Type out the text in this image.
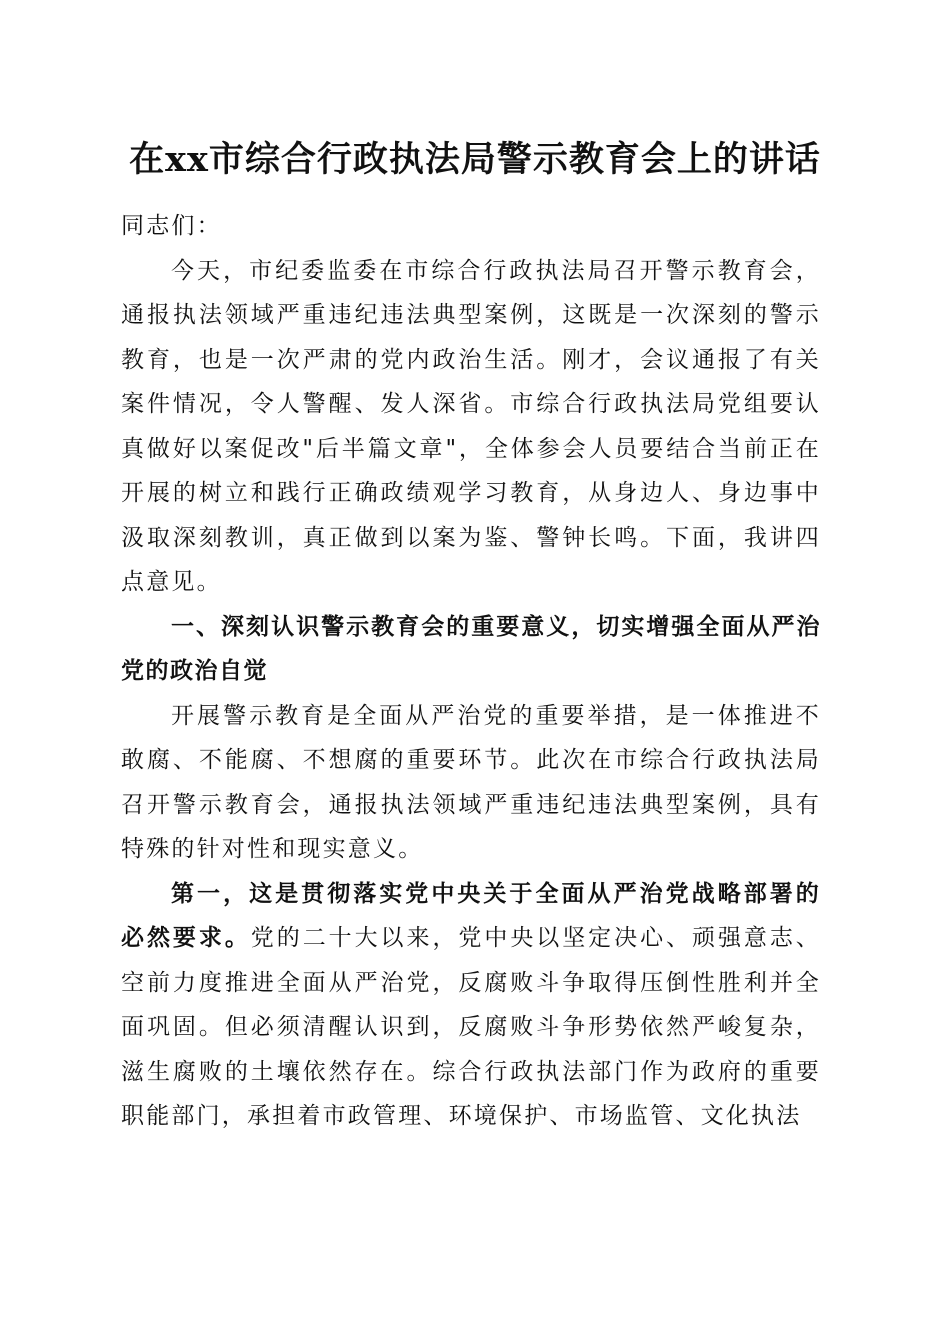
在xx市综合行政执法局警示教育会上的讲话

同志们：

今天，市纪委监委在市综合行政执法局召开警示教育会，通报执法领域严重违纪违法典型案例，这既是一次深刻的警示教育，也是一次严肃的党内政治生活。刚才，会议通报了有关案件情况，令人警醒、发人深省。市综合行政执法局党组要认真做好以案促改"后半篇文章"，全体参会人员要结合当前正在开展的树立和践行正确政绩观学习教育，从身边人、身边事中汲取深刻教训，真正做到以案为鉴、警钟长鸣。下面，我讲四点意见。

一、深刻认识警示教育会的重要意义，切实增强全面从严治党的政治自觉

开展警示教育是全面从严治党的重要举措，是一体推进不敢腐、不能腐、不想腐的重要环节。此次在市综合行政执法局召开警示教育会，通报执法领域严重违纪违法典型案例，具有特殊的针对性和现实意义。

第一，这是贯彻落实党中央关于全面从严治党战略部署的必然要求。党的二十大以来，党中央以坚定决心、顽强意志、空前力度推进全面从严治党，反腐败斗争取得压倒性胜利并全面巩固。但必须清醒认识到，反腐败斗争形势依然严峻复杂，滋生腐败的土壤依然存在。综合行政执法部门作为政府的重要职能部门，承担着市政管理、环境保护、市场监管、文化执法
